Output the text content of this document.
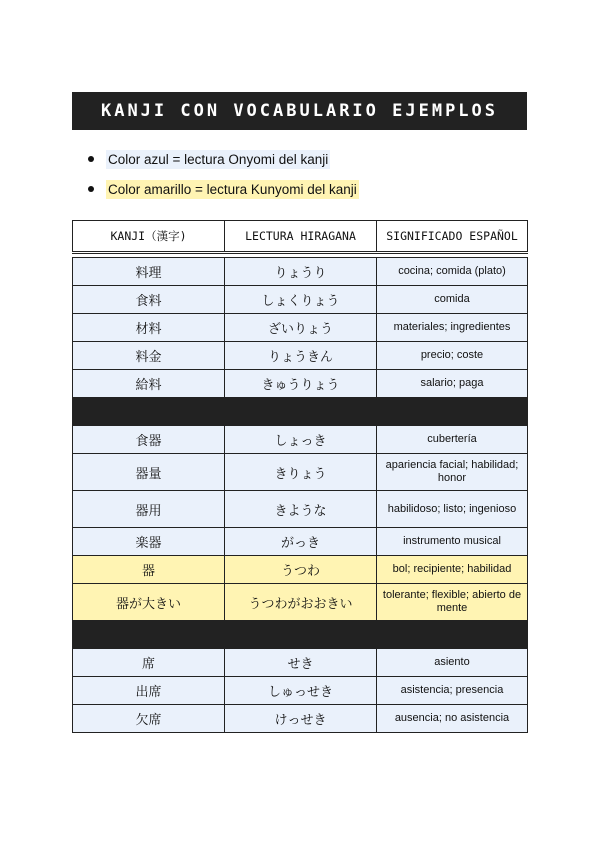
KANJI CON VOCABULARIO EJEMPLOS
Color azul = lectura Onyomi del kanji
Color amarillo = lectura Kunyomi del kanji
KANJI（漢字)	LECTURA HIRAGANA	SIGNIFICADO ESPAÑOL

料理	りょうり	cocina; comida (plato)
食料	しょくりょう	comida
材料	ざいりょう	materiales; ingredientes
料金	りょうきん	precio; coste
給料	きゅうりょう	salario; paga

食器	しょっき	cubertería
器量	きりょう	apariencia facial; habilidad; honor
器用	きような	habilidoso; listo; ingenioso
楽器	がっき	instrumento musical
器	うつわ	bol; recipiente; habilidad
器が大きい	うつわがおおきい	tolerante; flexible; abierto de mente

席	せき	asiento
出席	しゅっせき	asistencia; presencia
欠席	けっせき	ausencia; no asistencia
